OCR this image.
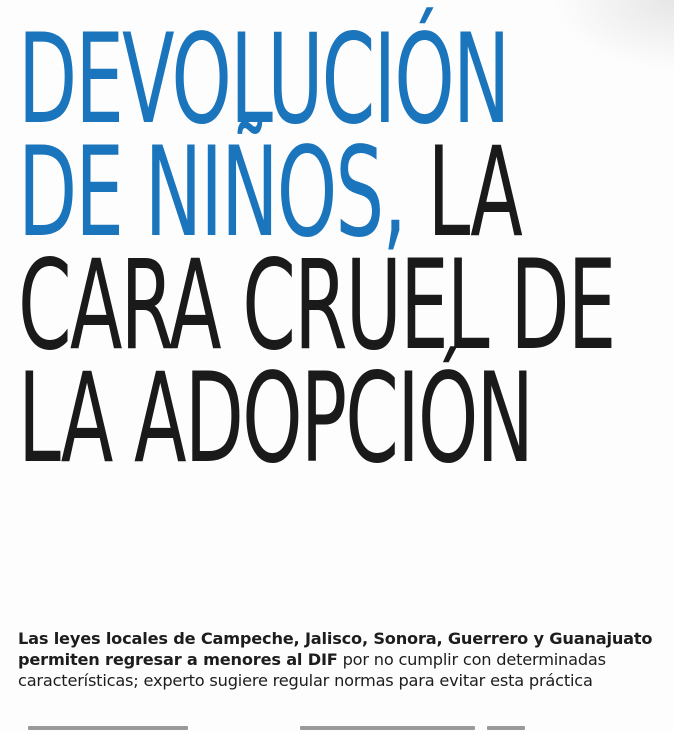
DEVOLUCIÓN
DE NIÑOS, LA
CARA CRUEL DE
LA ADOPCIÓN

Las leyes locales de Campeche, Jalisco, Sonora, Guerrero y Guanajuato permiten regresar a menores al DIF por no cumplir con determinadas características; experto sugiere regular normas para evitar esta práctica
